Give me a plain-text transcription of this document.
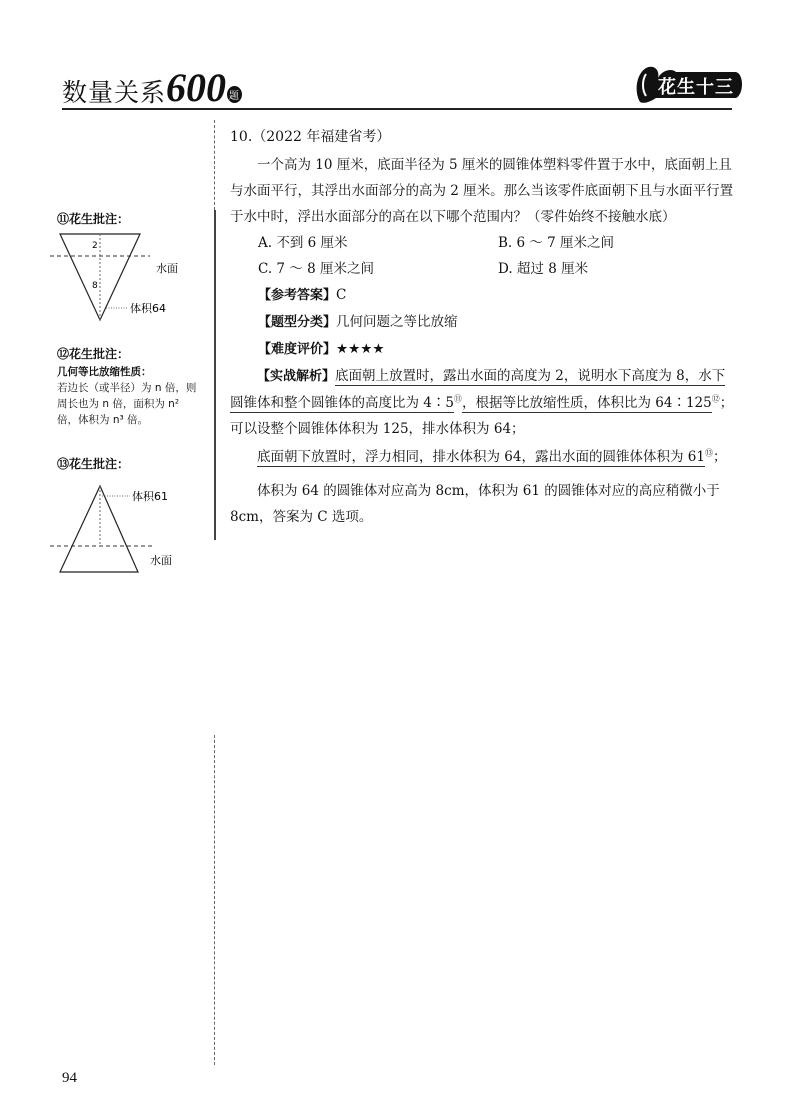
数量关系600 题	花生十三
10.（2022 年福建省考）

一个高为 10 厘米，底面半径为 5 厘米的圆锥体塑料零件置于水中，底面朝上且与水面平行，其浮出水面部分的高为 2 厘米。那么当该零件底面朝下且与水面平行置于水中时，浮出水面部分的高在以下哪个范围内？（零件始终不接触水底）

A. 不到 6 厘米	B. 6 ～ 7 厘米之间
C. 7 ～ 8 厘米之间	D. 超过 8 厘米
【参考答案】C
【题型分类】几何问题之等比放缩
【难度评价】★★★★

【实战解析】底面朝上放置时，露出水面的高度为 2，说明水下高度为 8，水下圆锥体和整个圆锥体的高度比为 4∶5⑪，根据等比放缩性质，体积比为 64∶125⑫；可以设整个圆锥体体积为 125，排水体积为 64；

底面朝下放置时，浮力相同，排水体积为 64，露出水面的圆锥体体积为 61⑬；

体积为 64 的圆锥体对应高为 8cm，体积为 61 的圆锥体对应的高应稍微小于 8cm，答案为 C 选项。

⑪花生批注：
2
8
水面
体积64
⑫花生批注：
几何等比放缩性质：
若边长（或半径）为 n 倍，则周长也为 n 倍，面积为 n² 倍，体积为 n³ 倍。
⑬花生批注：
体积61
水面
94
